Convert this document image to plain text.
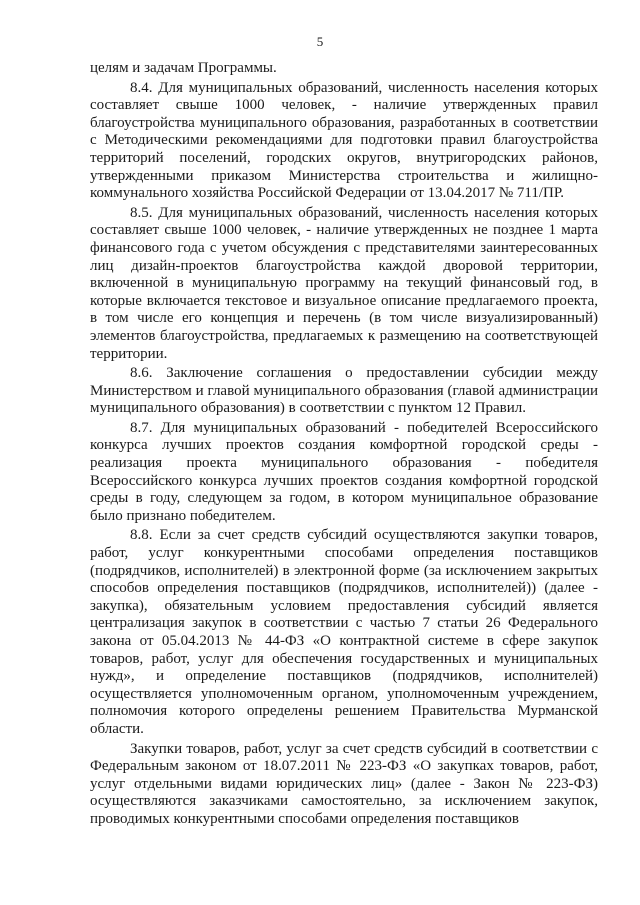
5

целям и задачам Программы.

8.4. Для муниципальных образований, численность населения которых составляет свыше 1000 человек, - наличие утвержденных правил благоустройства муниципального образования, разработанных в соответствии с Методическими рекомендациями для подготовки правил благоустройства территорий поселений, городских округов, внутригородских районов, утвержденными приказом Министерства строительства и жилищно-коммунального хозяйства Российской Федерации от 13.04.2017 № 711/ПР.

8.5. Для муниципальных образований, численность населения которых составляет свыше 1000 человек, - наличие утвержденных не позднее 1 марта финансового года с учетом обсуждения с представителями заинтересованных лиц дизайн-проектов благоустройства каждой дворовой территории, включенной в муниципальную программу на текущий финансовый год, в которые включается текстовое и визуальное описание предлагаемого проекта, в том числе его концепция и перечень (в том числе визуализированный) элементов благоустройства, предлагаемых к размещению на соответствующей территории.

8.6. Заключение соглашения о предоставлении субсидии между Министерством и главой муниципального образования (главой администрации муниципального образования) в соответствии с пунктом 12 Правил.

8.7. Для муниципальных образований - победителей Всероссийского конкурса лучших проектов создания комфортной городской среды - реализация проекта муниципального образования - победителя Всероссийского конкурса лучших проектов создания комфортной городской среды в году, следующем за годом, в котором муниципальное образование было признано победителем.

8.8. Если за счет средств субсидий осуществляются закупки товаров, работ, услуг конкурентными способами определения поставщиков (подрядчиков, исполнителей) в электронной форме (за исключением закрытых способов определения поставщиков (подрядчиков, исполнителей)) (далее - закупка), обязательным условием предоставления субсидий является централизация закупок в соответствии с частью 7 статьи 26 Федерального закона от 05.04.2013 № 44-ФЗ «О контрактной системе в сфере закупок товаров, работ, услуг для обеспечения государственных и муниципальных нужд», и определение поставщиков (подрядчиков, исполнителей) осуществляется уполномоченным органом, уполномоченным учреждением, полномочия которого определены решением Правительства Мурманской области.

Закупки товаров, работ, услуг за счет средств субсидий в соответствии с Федеральным законом от 18.07.2011 № 223-ФЗ «О закупках товаров, работ, услуг отдельными видами юридических лиц» (далее - Закон № 223-ФЗ) осуществляются заказчиками самостоятельно, за исключением закупок, проводимых конкурентными способами определения поставщиков
